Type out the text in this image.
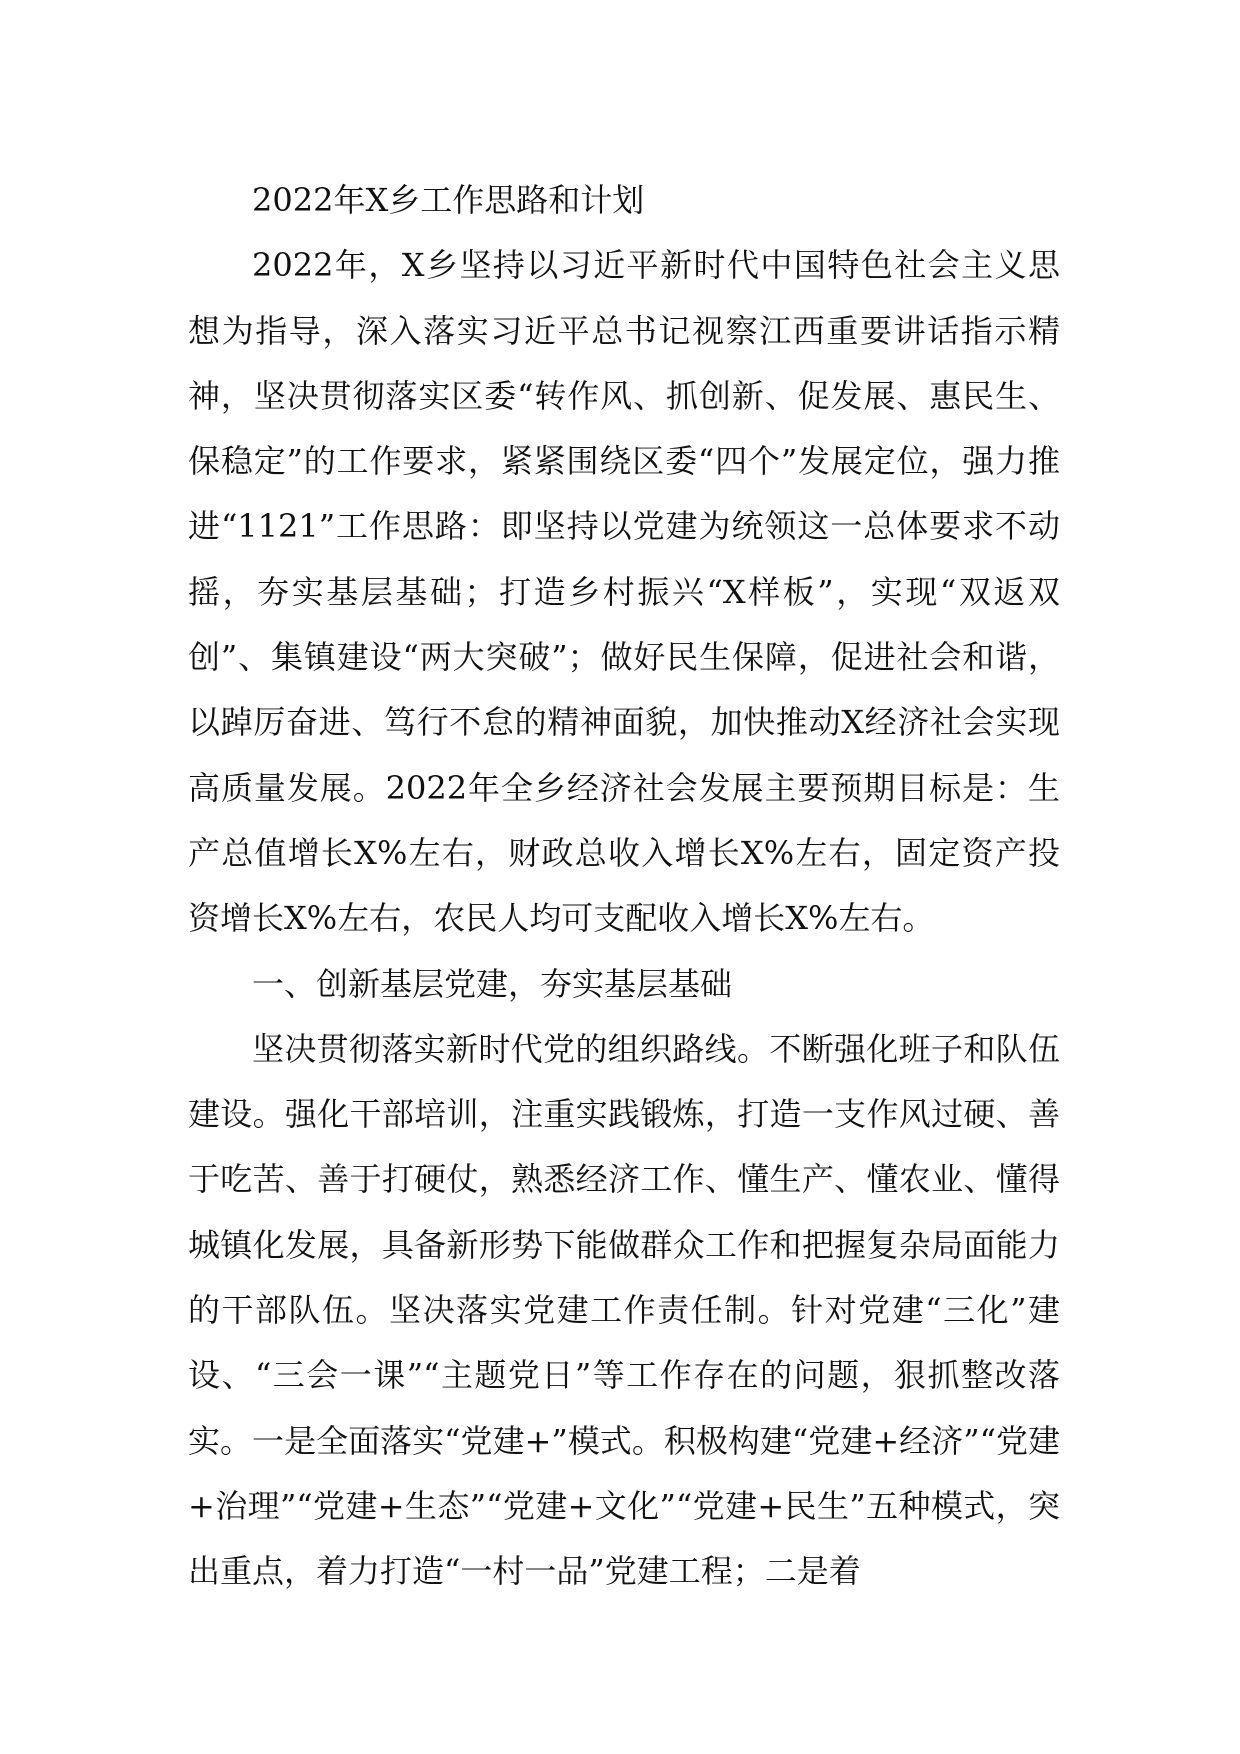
2022年X乡工作思路和计划

2022年，X乡坚持以习近平新时代中国特色社会主义思想为指导，深入落实习近平总书记视察江西重要讲话指示精神，坚决贯彻落实区委“转作风、抓创新、促发展、惠民生、保稳定”的工作要求，紧紧围绕区委“四个”发展定位，强力推进“1121”工作思路：即坚持以党建为统领这一总体要求不动摇，夯实基层基础；打造乡村振兴“X样板”，实现“双返双创”、集镇建设“两大突破”；做好民生保障，促进社会和谐，以踔厉奋进、笃行不怠的精神面貌，加快推动X经济社会实现高质量发展。2022年全乡经济社会发展主要预期目标是：生产总值增长X%左右，财政总收入增长X%左右，固定资产投资增长X%左右，农民人均可支配收入增长X%左右。

一、创新基层党建，夯实基层基础

坚决贯彻落实新时代党的组织路线。不断强化班子和队伍建设。强化干部培训，注重实践锻炼，打造一支作风过硬、善于吃苦、善于打硬仗，熟悉经济工作、懂生产、懂农业、懂得城镇化发展，具备新形势下能做群众工作和把握复杂局面能力的干部队伍。坚决落实党建工作责任制。针对党建“三化”建设、“三会一课”“主题党日”等工作存在的问题，狠抓整改落实。一是全面落实“党建+”模式。积极构建“党建+经济”“党建+治理”“党建+生态”“党建+文化”“党建+民生”五种模式，突出重点，着力打造“一村一品”党建工程；二是着
